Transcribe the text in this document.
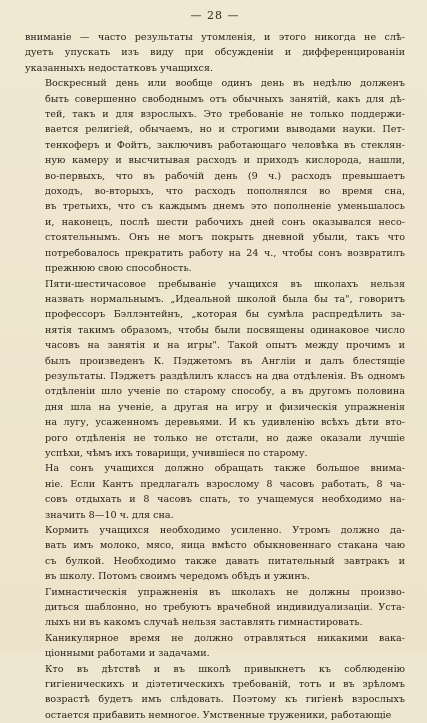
— 28 —
вниманіе — часто результаты утомленія, и этого никогда не слѣ-
дуетъ упускать изъ виду при обсужденіи и дифференцированіи
указанныхъ недостатковъ учащихся.
Воскресный день или вообще одинъ день въ недѣлю долженъ
быть совершенно свободнымъ отъ обычныхъ занятій, какъ для дѣ-
тей, такъ и для взрослыхъ. Это требованіе не только поддержи-
вается религіей, обычаемъ, но и строгими выводами науки. Пет-
тенкоферъ и Фойтъ, заключивъ работающаго человѣка въ стеклян-
ную камеру и высчитывая расходъ и приходъ кислорода, нашли,
во-первыхъ, что въ рабочій день (9 ч.) расходъ превышаетъ
доходъ, во-вторыхъ, что расходъ пополнялся во время сна,
въ третьихъ, что съ каждымъ днемъ это пополненіе уменьшалось
и, наконецъ, послѣ шести рабочихъ дней сонъ оказывался несо-
стоятельнымъ. Онъ не могъ покрыть дневной убыли, такъ что
потребовалось прекратить работу на 24 ч., чтобы сонъ возвратилъ
прежнюю свою способность.
Пяти-шестичасовое пребываніе учащихся въ школахъ нельзя
назвать нормальнымъ. „Идеальной школой была бы та", говоритъ
профессоръ Бэллэнтейнъ, „которая бы сумѣла распредѣлить за-
нятія такимъ образомъ, чтобы были посвящены одинаковое число
часовъ на занятія и на игры". Такой опытъ между прочимъ и
былъ произведенъ К. Пэджетомъ въ Англіи и далъ блестящіе
результаты. Пэджетъ раздѣлилъ классъ на два отдѣленія. Въ одномъ
отдѣленіи шло ученіе по старому способу, а въ другомъ половина
дня шла на ученіе, а другая на игру и физическія упражненія
на лугу, усаженномъ деревьями. И къ удивленію всѣхъ дѣти вто-
рого отдѣленія не только не отстали, но даже оказали лучшіе
успѣхи, чѣмъ ихъ товарищи, учившіеся по старому.
На сонъ учащихся должно обращать также большое внима-
ніе. Если Кантъ предлагалъ взрослому 8 часовъ работать, 8 ча-
совъ отдыхать и 8 часовъ спать, то учащемуся необходимо на-
значить 8—10 ч. для сна.
Кормить учащихся необходимо усиленно. Утромъ должно да-
вать имъ молоко, мясо, яица вмѣсто обыкновеннаго стакана чаю
съ булкой. Необходимо также давать питательный завтракъ и
въ школу. Потомъ своимъ чередомъ обѣдъ и ужинъ.
Гимнастическія упражненія въ школахъ не должны произво-
диться шаблонно, но требуютъ врачебной индивидуализаціи. Уста-
лыхъ ни въ какомъ случаѣ нельзя заставлять гимнастировать.
Каникулярное время не должно отравляться никакими вака-
ціонными работами и задачами.
Кто въ дѣтствѣ и въ школѣ привыкнетъ къ соблюденію
гигіеническихъ и діэтетическихъ требованій, тотъ и въ зрѣломъ
возрастѣ будетъ имъ слѣдовать. Поэтому къ гигіенѣ взрослыхъ
остается прибавить немногое. Умственные труженики, работающіе
